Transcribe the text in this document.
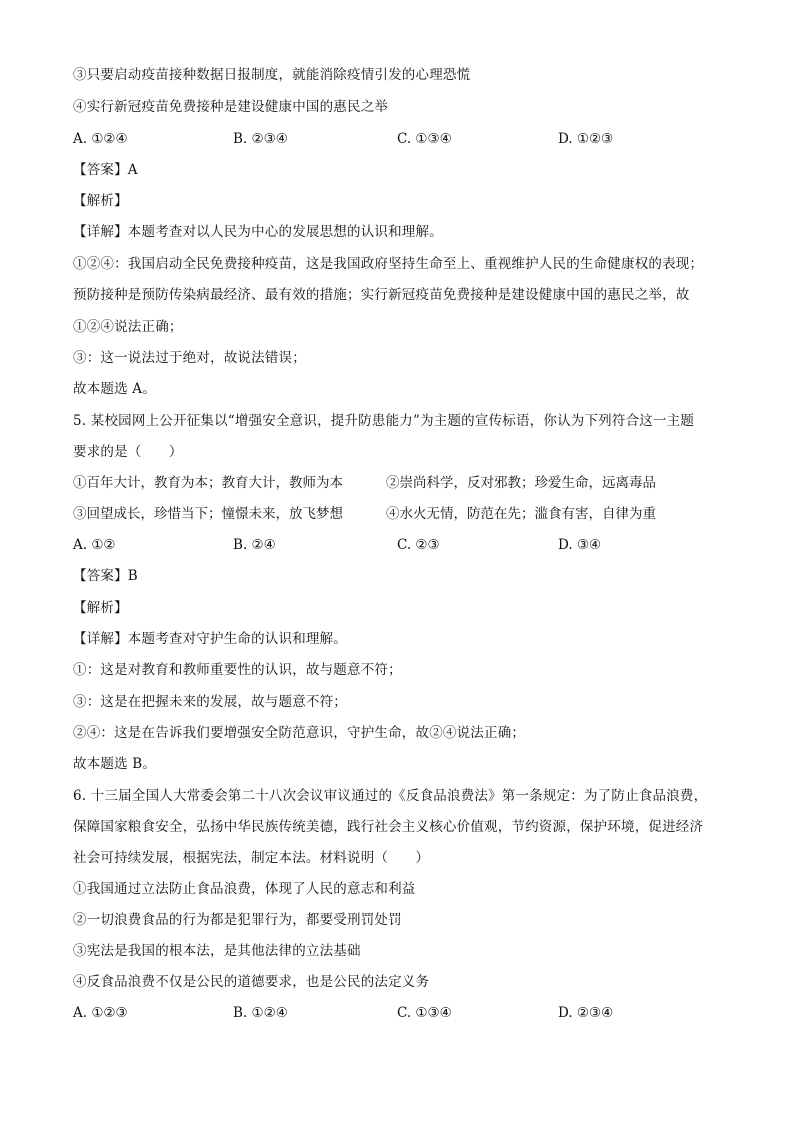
③只要启动疫苗接种数据日报制度，就能消除疫情引发的心理恐慌
④实行新冠疫苗免费接种是建设健康中国的惠民之举
A. ①②④	B. ②③④	C. ①③④	D. ①②③
【答案】A
【解析】
【详解】本题考查对以人民为中心的发展思想的认识和理解。
①②④：我国启动全民免费接种疫苗，这是我国政府坚持生命至上、重视维护人民的生命健康权的表现；
预防接种是预防传染病最经济、最有效的措施；实行新冠疫苗免费接种是建设健康中国的惠民之举，故
①②④说法正确；
③：这一说法过于绝对，故说法错误；
故本题选 A。
5. 某校园网上公开征集以“增强安全意识，提升防患能力”为主题的宣传标语，你认为下列符合这一主题
要求的是（　　）
①百年大计，教育为本；教育大计，教师为本	②崇尚科学，反对邪教；珍爱生命，远离毒品
③回望成长，珍惜当下；憧憬未来，放飞梦想	④水火无情，防范在先；滥食有害，自律为重
A. ①②	B. ②④	C. ②③	D. ③④
【答案】B
【解析】
【详解】本题考查对守护生命的认识和理解。
①：这是对教育和教师重要性的认识，故与题意不符；
③：这是在把握未来的发展，故与题意不符；
②④：这是在告诉我们要增强安全防范意识，守护生命，故②④说法正确；
故本题选 B。
6. 十三届全国人大常委会第二十八次会议审议通过的《反食品浪费法》第一条规定：为了防止食品浪费，
保障国家粮食安全，弘扬中华民族传统美德，践行社会主义核心价值观，节约资源，保护环境，促进经济
社会可持续发展，根据宪法，制定本法。材料说明（　　）
①我国通过立法防止食品浪费，体现了人民的意志和利益
②一切浪费食品的行为都是犯罪行为，都要受刑罚处罚
③宪法是我国的根本法，是其他法律的立法基础
④反食品浪费不仅是公民的道德要求，也是公民的法定义务
A. ①②③	B. ①②④	C. ①③④	D. ②③④
